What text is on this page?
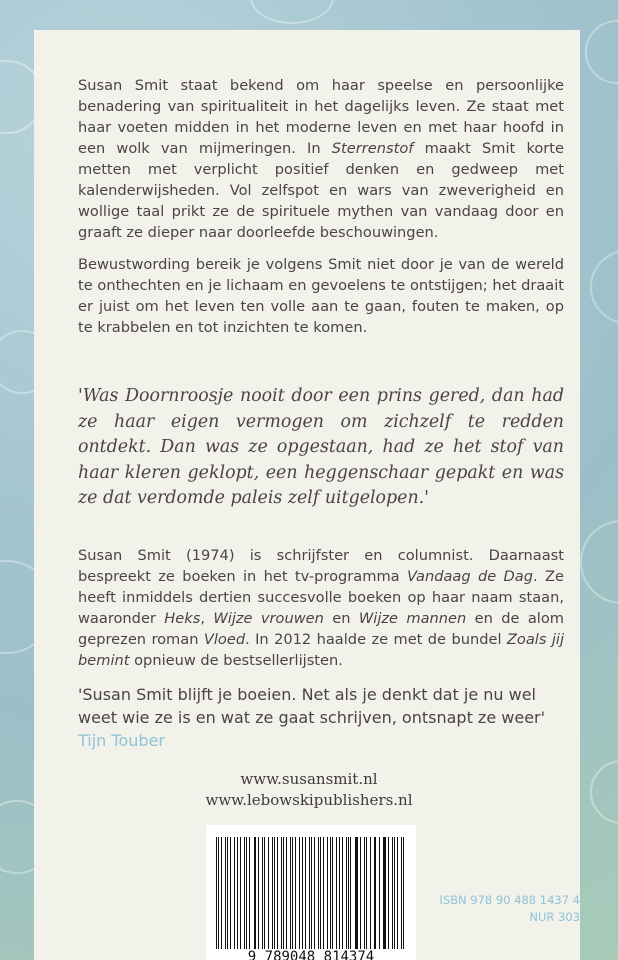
Susan Smit staat bekend om haar speelse en persoonlijke benadering van spiritualiteit in het dagelijks leven. Ze staat met haar voeten midden in het moderne leven en met haar hoofd in een wolk van mijmeringen. In Sterrenstof maakt Smit korte metten met verplicht positief denken en gedweep met kalenderwijsheden. Vol zelfspot en wars van zweverigheid en wollige taal prikt ze de spirituele mythen van vandaag door en graaft ze dieper naar doorleefde beschouwingen.

Bewustwording bereik je volgens Smit niet door je van de wereld te onthechten en je lichaam en gevoelens te ontstijgen; het draait er juist om het leven ten volle aan te gaan, fouten te maken, op te krabbelen en tot inzichten te komen.

'Was Doornroosje nooit door een prins gered, dan had ze haar eigen vermogen om zichzelf te redden ontdekt. Dan was ze opgestaan, had ze het stof van haar kleren geklopt, een heggenschaar gepakt en was ze dat verdomde paleis zelf uitgelopen.'

Susan Smit (1974) is schrijfster en columnist. Daarnaast bespreekt ze boeken in het tv-programma Vandaag de Dag. Ze heeft inmiddels dertien succesvolle boeken op haar naam staan, waaronder Heks, Wijze vrouwen en Wijze mannen en de alom geprezen roman Vloed. In 2012 haalde ze met de bundel Zoals jij bemint opnieuw de bestsellerlijsten.

'Susan Smit blijft je boeien. Net als je denkt dat je nu wel weet wie ze is en wat ze gaat schrijven, ontsnapt ze weer' Tijn Touber

www.susansmit.nl
www.lebowskipublishers.nl
9 789048 814374
ISBN 978 90 488 1437 4
NUR 303
